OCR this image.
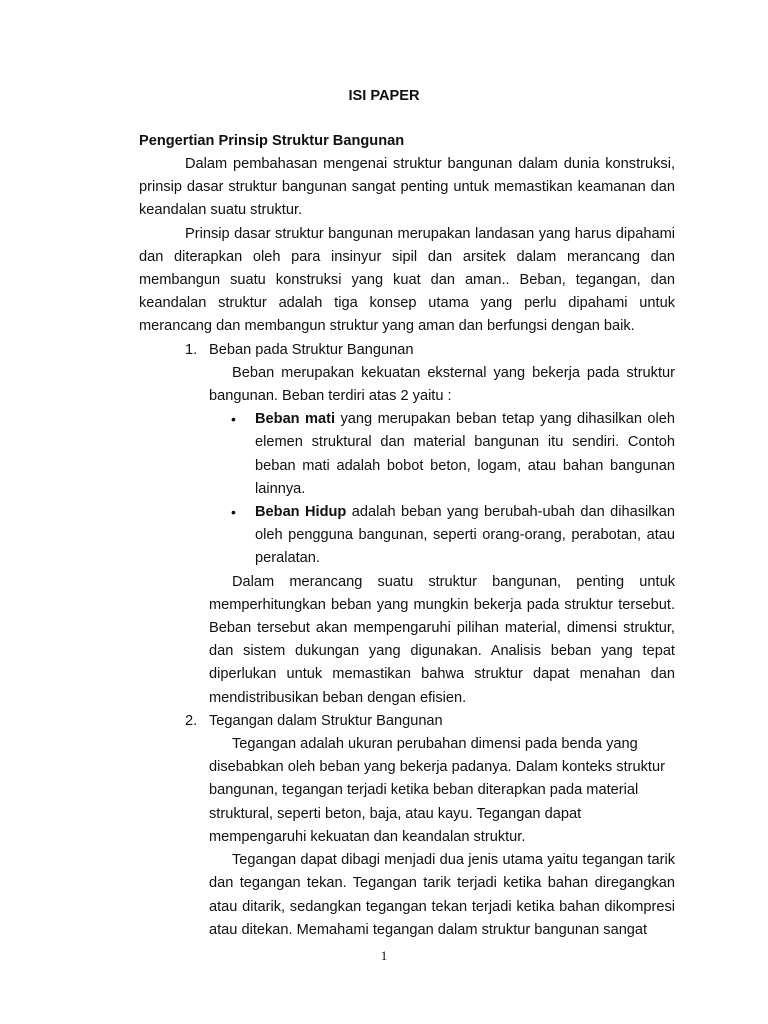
ISI PAPER
Pengertian Prinsip Struktur Bangunan

Dalam pembahasan mengenai struktur bangunan dalam dunia konstruksi, prinsip dasar struktur bangunan sangat penting untuk memastikan keamanan dan keandalan suatu struktur.

Prinsip dasar struktur bangunan merupakan landasan yang harus dipahami dan diterapkan oleh para insinyur sipil dan arsitek dalam merancang dan membangun suatu konstruksi yang kuat dan aman.. Beban, tegangan, dan keandalan struktur adalah tiga konsep utama yang perlu dipahami untuk merancang dan membangun struktur yang aman dan berfungsi dengan baik.

1. Beban pada Struktur Bangunan

Beban merupakan kekuatan eksternal yang bekerja pada struktur bangunan. Beban terdiri atas 2 yaitu :

• Beban mati yang merupakan beban tetap yang dihasilkan oleh elemen struktural dan material bangunan itu sendiri. Contoh beban mati adalah bobot beton, logam, atau bahan bangunan lainnya.

• Beban Hidup adalah beban yang berubah-ubah dan dihasilkan oleh pengguna bangunan, seperti orang-orang, perabotan, atau peralatan.

Dalam merancang suatu struktur bangunan, penting untuk memperhitungkan beban yang mungkin bekerja pada struktur tersebut. Beban tersebut akan mempengaruhi pilihan material, dimensi struktur, dan sistem dukungan yang digunakan. Analisis beban yang tepat diperlukan untuk memastikan bahwa struktur dapat menahan dan mendistribusikan beban dengan efisien.

2. Tegangan dalam Struktur Bangunan

Tegangan adalah ukuran perubahan dimensi pada benda yang disebabkan oleh beban yang bekerja padanya. Dalam konteks struktur bangunan, tegangan terjadi ketika beban diterapkan pada material struktural, seperti beton, baja, atau kayu. Tegangan dapat mempengaruhi kekuatan dan keandalan struktur.

Tegangan dapat dibagi menjadi dua jenis utama yaitu tegangan tarik dan tegangan tekan. Tegangan tarik terjadi ketika bahan diregangkan atau ditarik, sedangkan tegangan tekan terjadi ketika bahan dikompresi atau ditekan. Memahami tegangan dalam struktur bangunan sangat

1
